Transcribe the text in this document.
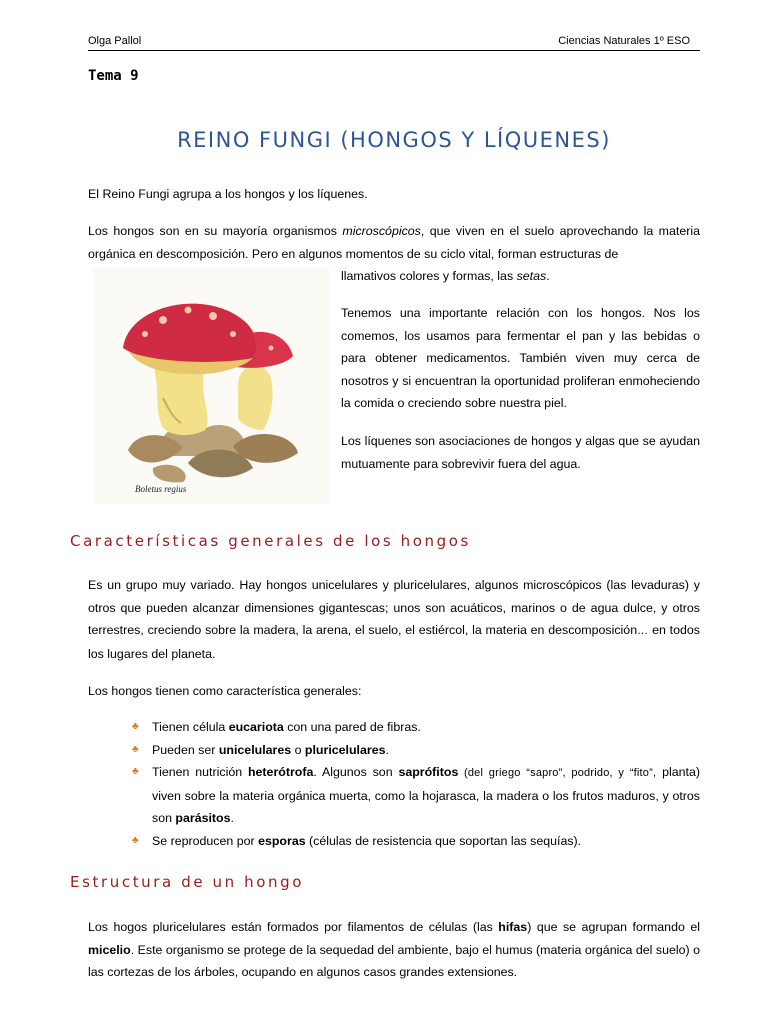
Olga Pallol	Ciencias Naturales 1º ESO
Tema 9
REINO FUNGI (HONGOS Y LÍQUENES)

El Reino Fungi agrupa a los hongos y los líquenes.

Los hongos son en su mayoría organismos microscópicos, que viven en el suelo aprovechando la materia orgánica en descomposición. Pero en algunos momentos de su ciclo vital, forman estructuras de

llamativos colores y formas, las setas.

Boletus regius

Tenemos una importante relación con los hongos. Nos los comemos, los usamos para fermentar el pan y las bebidas o para obtener medicamentos. También viven muy cerca de nosotros y si encuentran la oportunidad proliferan enmoheciendo la comida o creciendo sobre nuestra piel.

Los líquenes son asociaciones de hongos y algas que se ayudan mutuamente para sobrevivir fuera del agua.

Características generales de los hongos

Es un grupo muy variado. Hay hongos unicelulares y pluricelulares, algunos microscópicos (las levaduras) y otros que pueden alcanzar dimensiones gigantescas; unos son acuáticos, marinos o de agua dulce, y otros terrestres, creciendo sobre la madera, la arena, el suelo, el estiércol, la materia en descomposición… en todos los lugares del planeta.

Los hongos tienen como característica generales:

♣ Tienen célula eucariota con una pared de fibras.
♣ Pueden ser unicelulares o pluricelulares.
♣ Tienen nutrición heterótrofa. Algunos son saprófitos (del griego “sapro”, podrido, y “fito”, planta) viven sobre la materia orgánica muerta, como la hojarasca, la madera o los frutos maduros, y otros son parásitos.
♣ Se reproducen por esporas (células de resistencia que soportan las sequías).
Estructura de un hongo

Los hogos pluricelulares están formados por filamentos de células (las hifas) que se agrupan formando el micelio. Este organismo se protege de la sequedad del ambiente, bajo el humus (materia orgánica del suelo) o las cortezas de los árboles, ocupando en algunos casos grandes extensiones.
